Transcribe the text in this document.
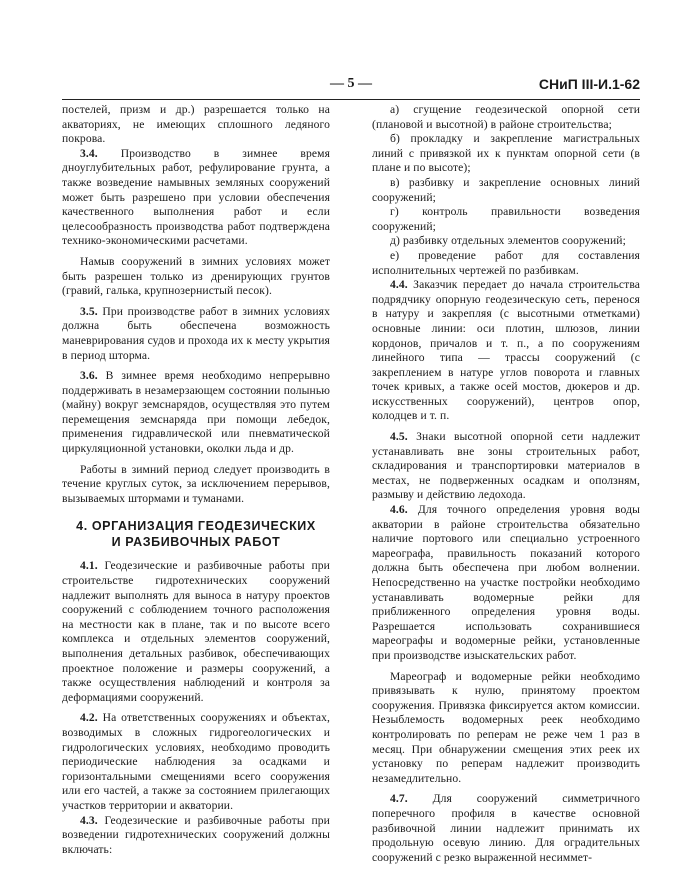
— 5 —	СНиП III-И.1-62

постелей, призм и др.) разрешается только на акваториях, не имеющих сплошного ледяного покрова.

3.4. Производство в зимнее время дноуглубительных работ, рефулирование грунта, а также возведение намывных земляных сооружений может быть разрешено при условии обеспечения качественного выполнения работ и если целесообразность производства работ подтверждена технико-экономическими расчетами.

Намыв сооружений в зимних условиях может быть разрешен только из дренирующих грунтов (гравий, галька, крупнозернистый песок).

3.5. При производстве работ в зимних условиях должна быть обеспечена возможность маневрирования судов и прохода их к месту укрытия в период шторма.

3.6. В зимнее время необходимо непрерывно поддерживать в незамерзающем состоянии полынью (майну) вокруг земснарядов, осуществляя это путем перемещения земснаряда при помощи лебедок, применения гидравлической или пневматической циркуляционной установки, околки льда и др.

Работы в зимний период следует производить в течение круглых суток, за исключением перерывов, вызываемых штормами и туманами.

4. ОРГАНИЗАЦИЯ ГЕОДЕЗИЧЕСКИХ
И РАЗБИВОЧНЫХ РАБОТ

4.1. Геодезические и разбивочные работы при строительстве гидротехнических сооружений надлежит выполнять для выноса в натуру проектов сооружений с соблюдением точного расположения на местности как в плане, так и по высоте всего комплекса и отдельных элементов сооружений, выполнения детальных разбивок, обеспечивающих проектное положение и размеры сооружений, а также осуществления наблюдений и контроля за деформациями сооружений.

4.2. На ответственных сооружениях и объектах, возводимых в сложных гидрогеологических и гидрологических условиях, необходимо проводить периодические наблюдения за осадками и горизонтальными смещениями всего сооружения или его частей, а также за состоянием прилегающих участков территории и акватории.

4.3. Геодезические и разбивочные работы при возведении гидротехнических сооружений должны включать:

а) сгущение геодезической опорной сети (плановой и высотной) в районе строительства;

б) прокладку и закрепление магистральных линий с привязкой их к пунктам опорной сети (в плане и по высоте);

в) разбивку и закрепление основных линий сооружений;

г) контроль правильности возведения сооружений;

д) разбивку отдельных элементов сооружений;

е) проведение работ для составления исполнительных чертежей по разбивкам.

4.4. Заказчик передает до начала строительства подрядчику опорную геодезическую сеть, перенося в натуру и закрепляя (с высотными отметками) основные линии: оси плотин, шлюзов, линии кордонов, причалов и т. п., а по сооружениям линейного типа — трассы сооружений (с закреплением в натуре углов поворота и главных точек кривых, а также осей мостов, дюкеров и др. искусственных сооружений), центров опор, колодцев и т. п.

4.5. Знаки высотной опорной сети надлежит устанавливать вне зоны строительных работ, складирования и транспортировки материалов в местах, не подверженных осадкам и оползням, размыву и действию ледохода.

4.6. Для точного определения уровня воды акватории в районе строительства обязательно наличие портового или специально устроенного мареографа, правильность показаний которого должна быть обеспечена при любом волнении. Непосредственно на участке постройки необходимо устанавливать водомерные рейки для приближенного определения уровня воды. Разрешается использовать сохранившиеся мареографы и водомерные рейки, установленные при производстве изыскательских работ.

Мареограф и водомерные рейки необходимо привязывать к нулю, принятому проектом сооружения. Привязка фиксируется актом комиссии. Незыблемость водомерных реек необходимо контролировать по реперам не реже чем 1 раз в месяц. При обнаружении смещения этих реек их установку по реперам надлежит производить незамедлительно.

4.7. Для сооружений симметричного поперечного профиля в качестве основной разбивочной линии надлежит принимать их продольную осевую линию. Для оградительных сооружений с резко выраженной несиммет-
